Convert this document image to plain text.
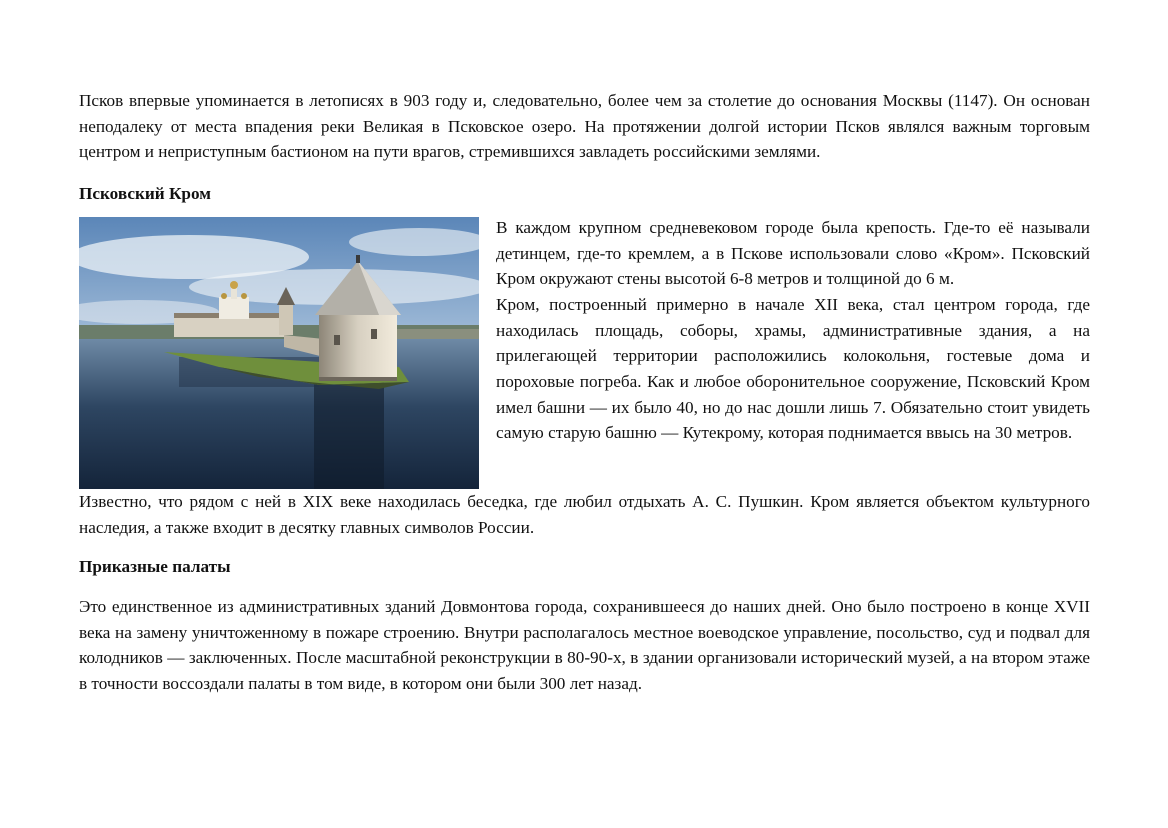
Псков впервые упоминается в летописях в 903 году и, следовательно, более чем за столетие до основания Москвы (1147). Он основан неподалеку от места впадения реки Великая в Псковское озеро. На протяжении долгой истории Псков являлся важным торговым центром и неприступным бастионом на пути врагов, стремившихся завладеть российскими землями.

Псковский Кром

В каждом крупном средневековом городе была крепость. Где-то её называли детинцем, где-то кремлем, а в Пскове использовали слово «Кром». Псковский Кром окружают стены высотой 6-8 метров и толщиной до 6 м.

Кром, построенный примерно в начале XII века, стал центром города, где находилась площадь, соборы, храмы, административные здания, а на прилегающей территории расположились колокольня, гостевые дома и пороховые погреба. Как и любое оборонительное сооружение, Псковский Кром имел башни — их было 40, но до нас дошли лишь 7. Обязательно стоит увидеть самую старую башню — Кутекрому, которая поднимается ввысь на 30 метров.

Известно, что рядом с ней в XIX веке находилась беседка, где любил отдыхать А. С. Пушкин. Кром является объектом культурного наследия, а также входит в десятку главных символов России.

Приказные палаты

Это единственное из административных зданий Довмонтова города, сохранившееся до наших дней. Оно было построено в конце XVII века на замену уничтоженному в пожаре строению. Внутри располагалось местное воеводское управление, посольство, суд и подвал для колодников — заключенных. После масштабной реконструкции в 80-90-х, в здании организовали исторический музей, а на втором этаже в точности воссоздали палаты в том виде, в котором они были 300 лет назад.
